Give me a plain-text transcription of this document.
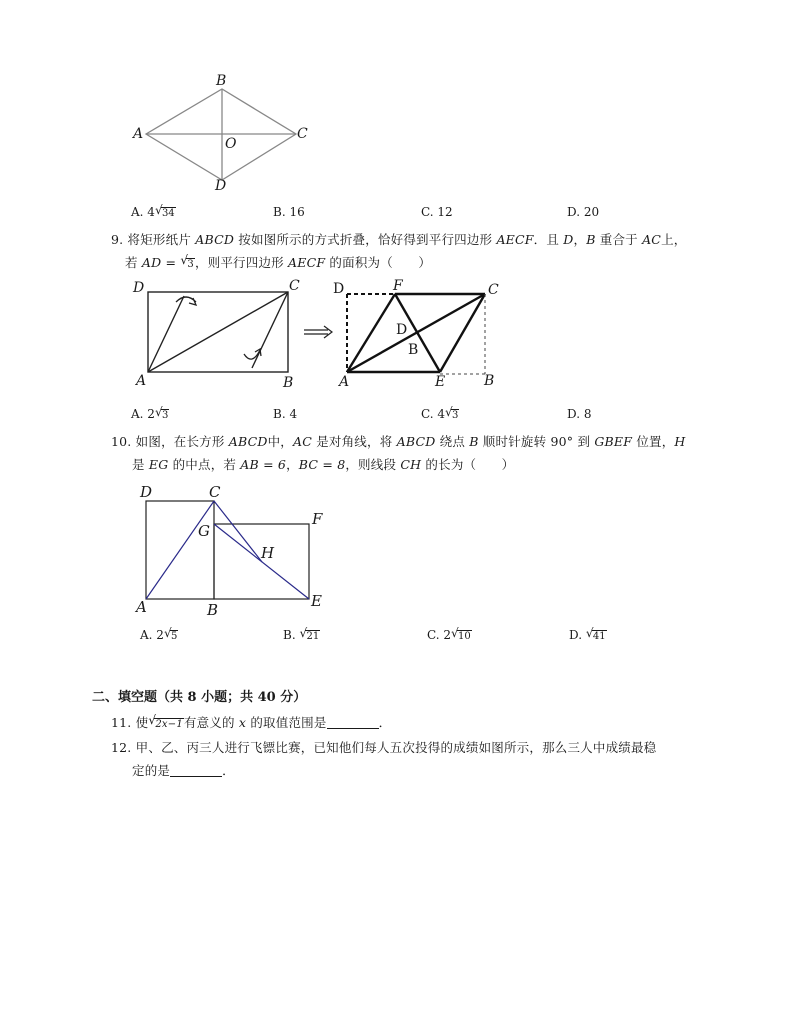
B
A	C
O
D
A. 4 √ 34	B. 16	C. 12	D. 20
9. 将矩形纸片 ABCD 按如图所示的方式折叠，恰好得到平行四边形 AECF．且 D，B 重合于 AC上，
若 AD = √ 3，则平行四边形 AECF 的面积为（　　）
D	C
A	B
D	F	C
D
B
A	E	B
A. 2 √ 3	B. 4	C. 4 √ 3	D. 8
10. 如图，在长方形 ABCD中，AC 是对角线，将 ABCD 绕点 B 顺时针旋转 90° 到 GBEF 位置，H
是 EG 的中点，若 AB = 6，BC = 8，则线段 CH 的长为（　　）
D	C
F
G
H
A	B	E
A. 2 √ 5	B. √ 21	C. 2 √ 10	D. √ 41
二、填空题（共 8 小题；共 40 分）
11. 使 √ 2x−1有意义的 x 的取值范围是	．
12. 甲、乙、丙三人进行飞镖比赛，已知他们每人五次投得的成绩如图所示，那么三人中成绩最稳
定的是	．
